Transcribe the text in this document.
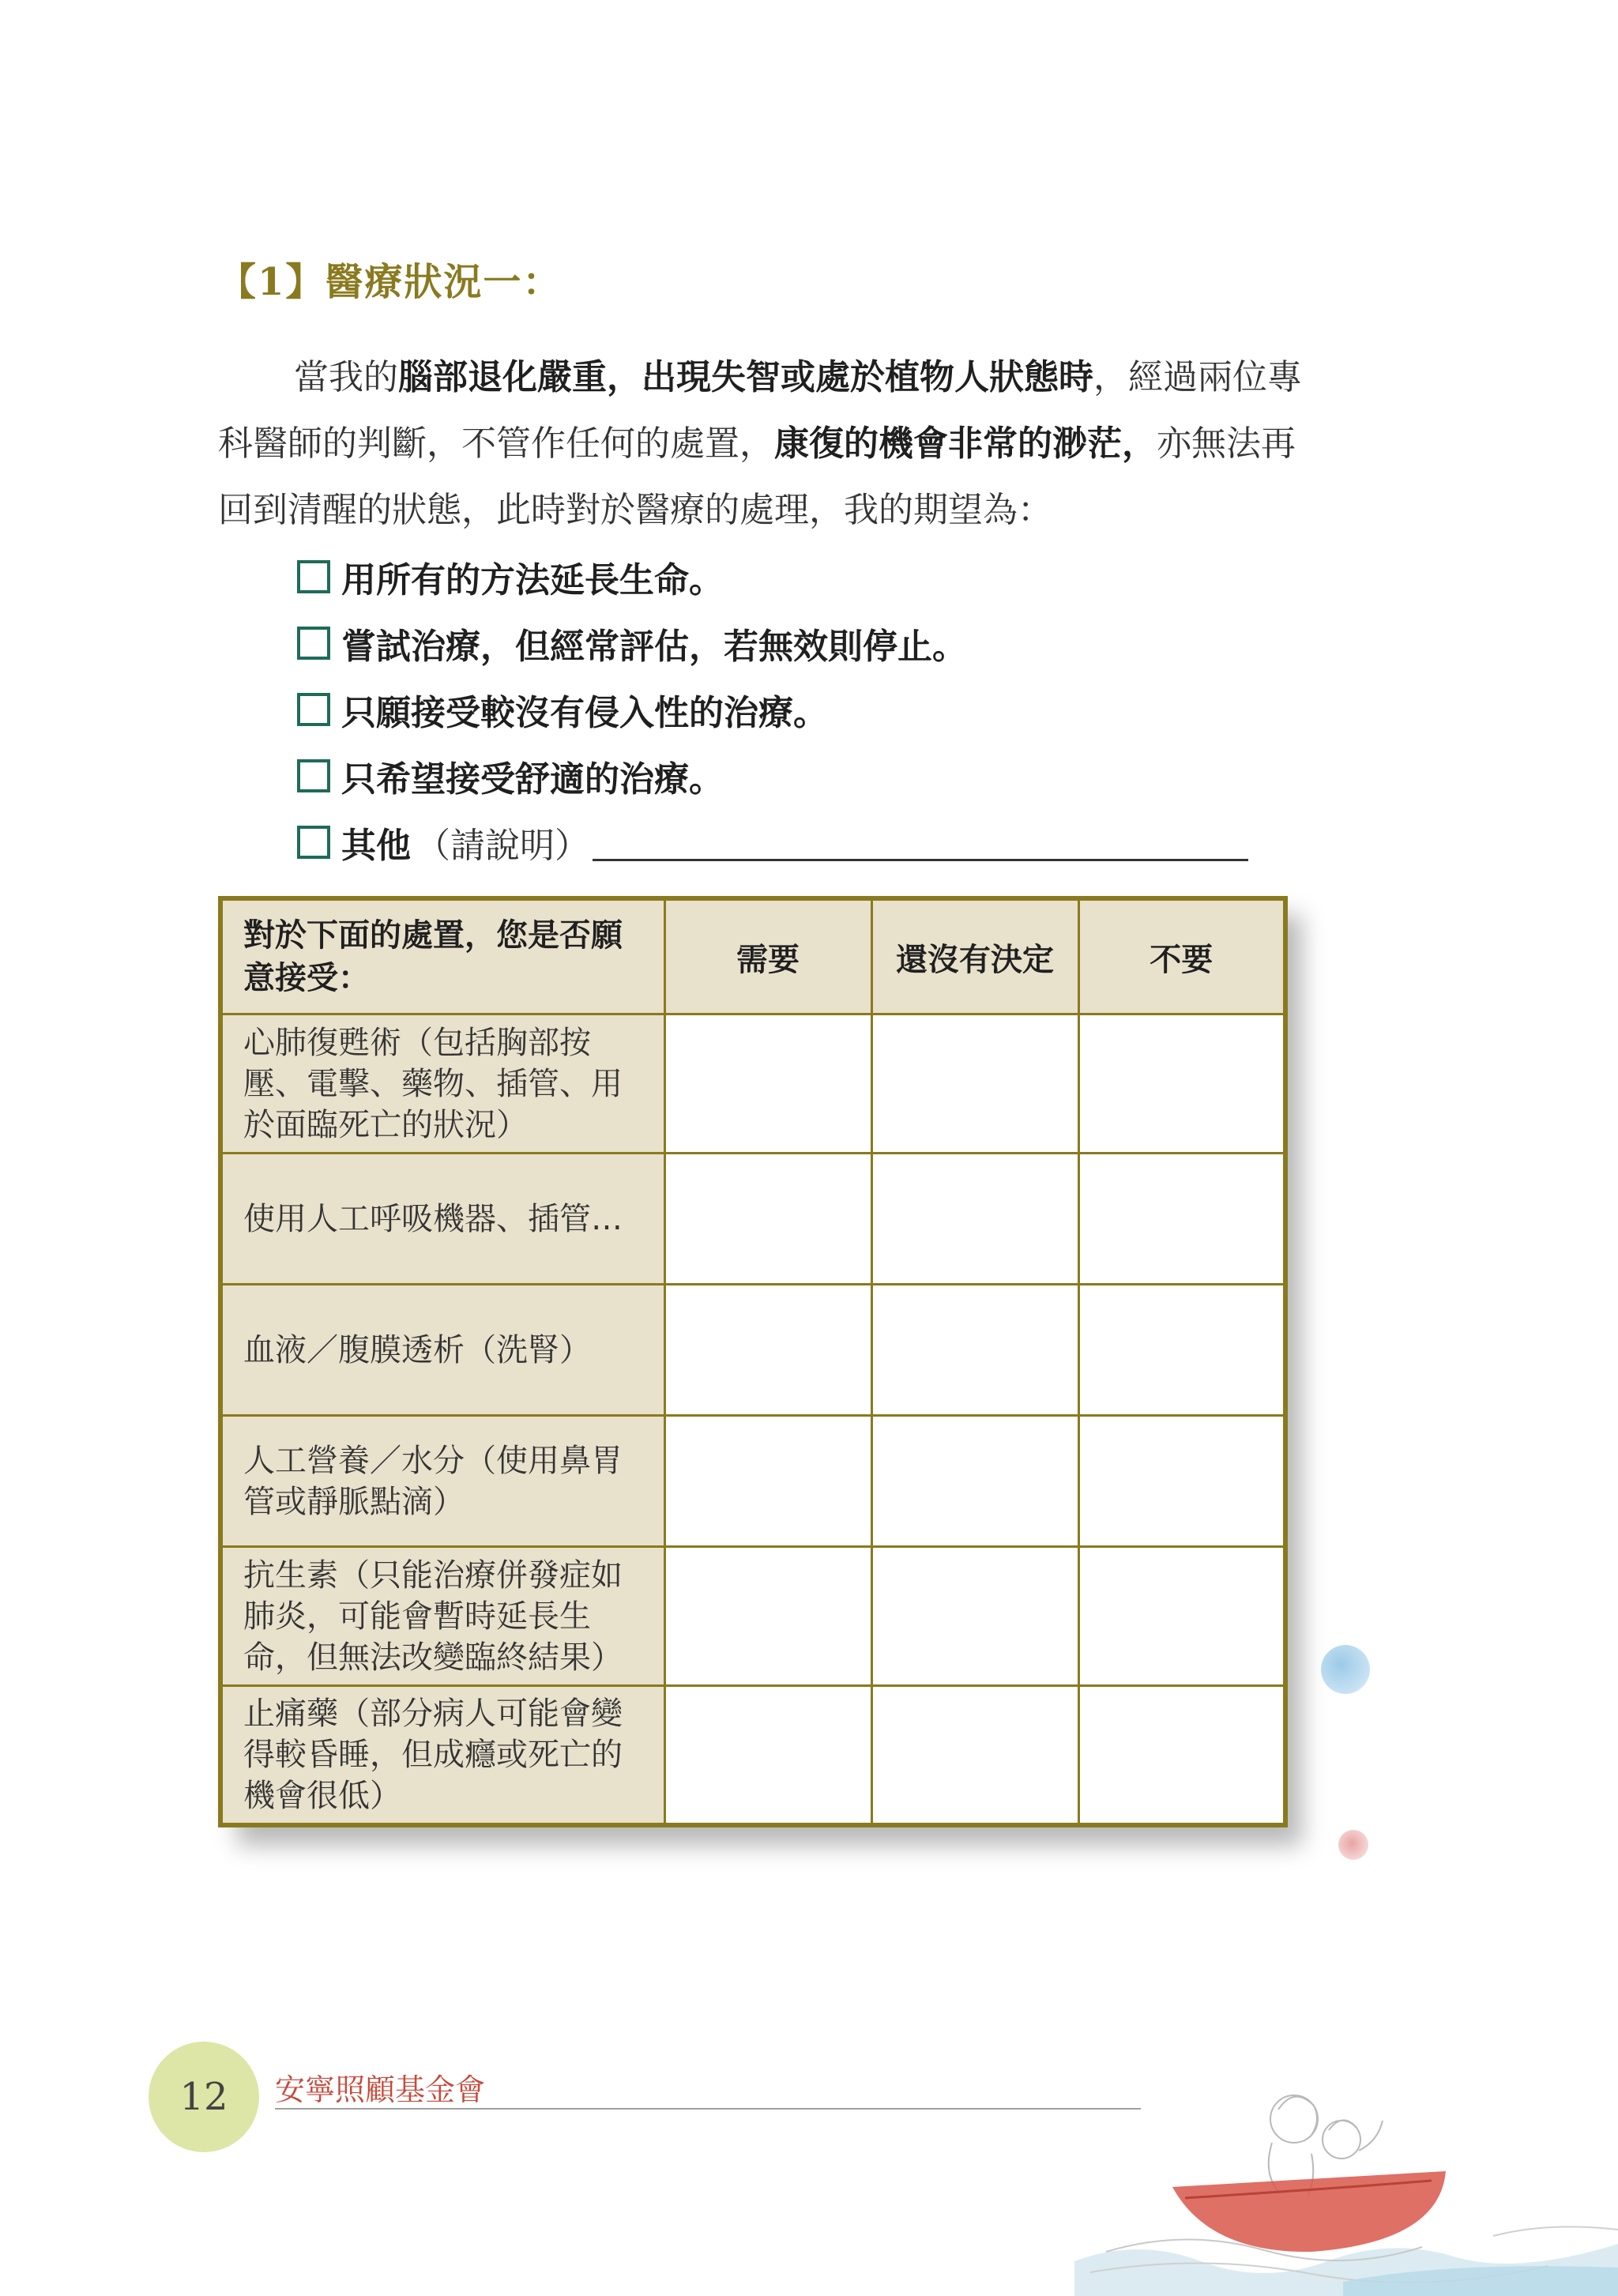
【1】醫療狀況一：
當我的腦部退化嚴重，出現失智或處於植物人狀態時，經過兩位專科醫師的判斷，不管作任何的處置，康復的機會非常的渺茫，亦無法再回到清醒的狀態，此時對於醫療的處理，我的期望為：
用所有的方法延長生命。
嘗試治療，但經常評估，若無效則停止。
只願接受較沒有侵入性的治療。
只希望接受舒適的治療。
其他 （請說明）
對於下面的處置，您是否願意接受：	需要	還沒有決定	不要
心肺復甦術（包括胸部按壓、電擊、藥物、插管、用於面臨死亡的狀況）			
使用人工呼吸機器、插管…			
血液／腹膜透析（洗腎）			
人工營養／水分（使用鼻胃管或靜脈點滴）			
抗生素（只能治療併發症如肺炎，可能會暫時延長生命，但無法改變臨終結果）			
止痛藥（部分病人可能會變得較昏睡，但成癮或死亡的機會很低）			
12 安寧照顧基金會
